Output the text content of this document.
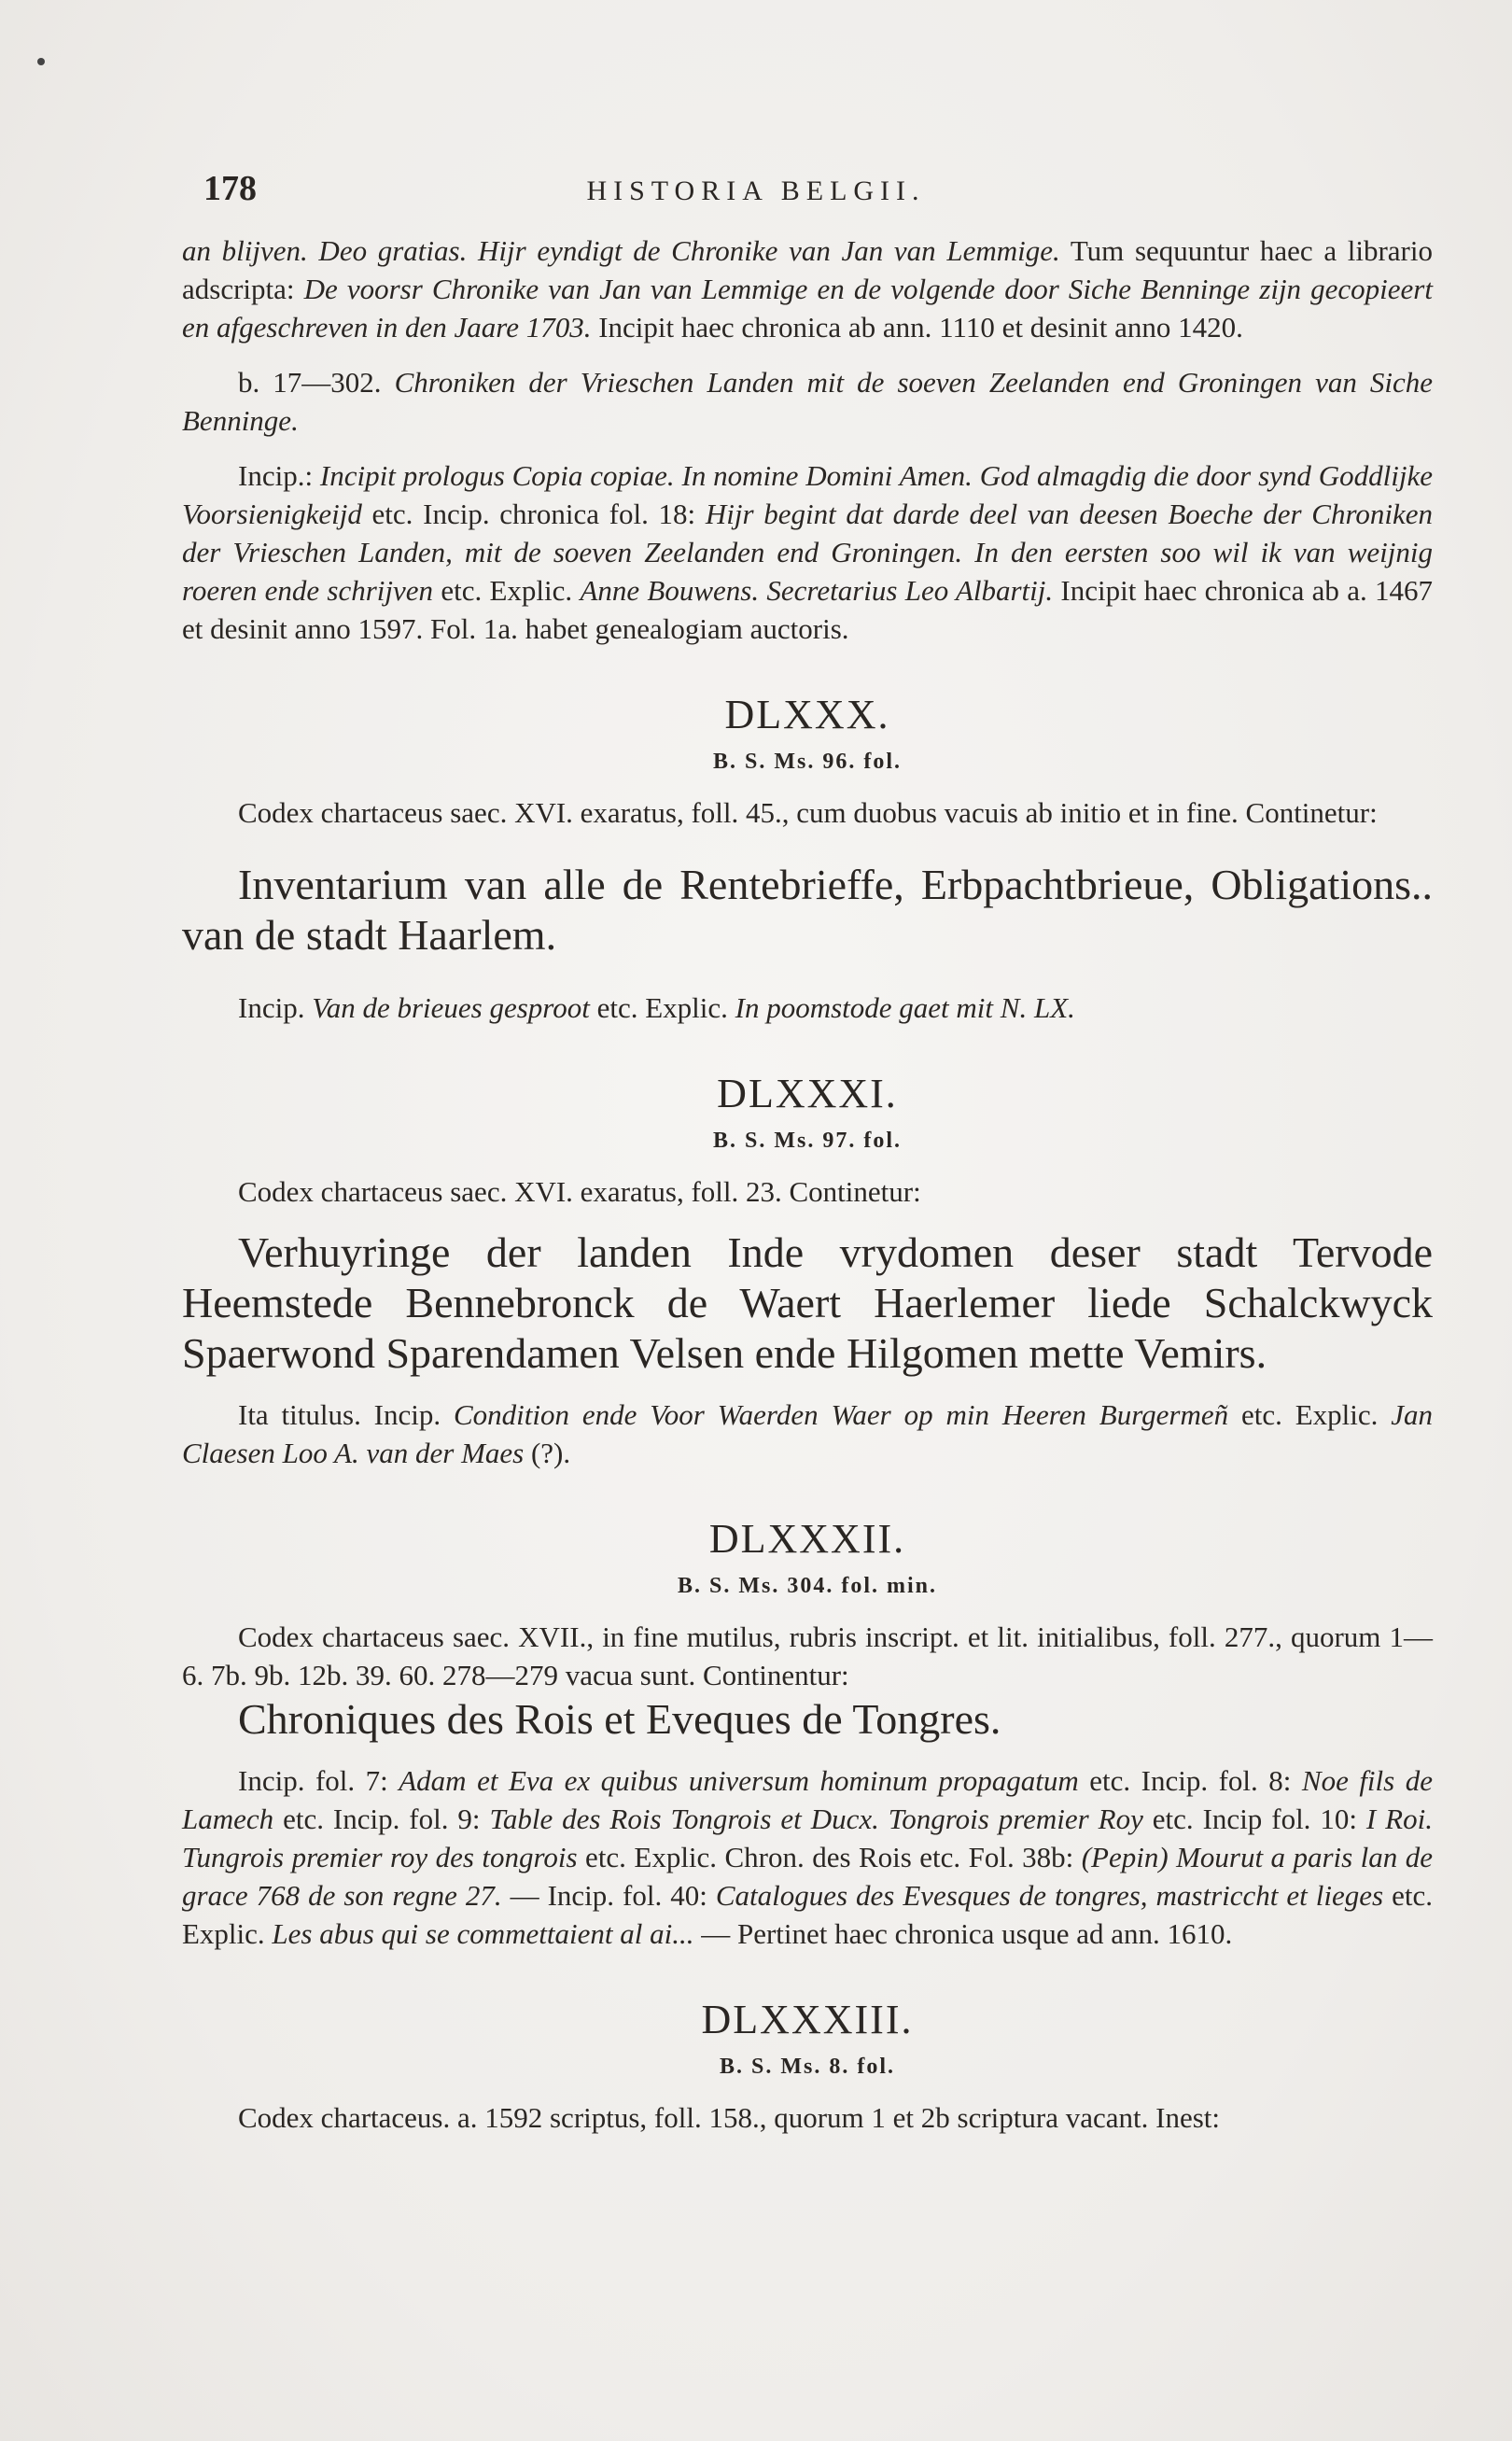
178	HISTORIA BELGII.

an blijven. Deo gratias. Hijr eyndigt de Chronike van Jan van Lemmige. Tum sequuntur haec a librario adscripta: De voorsr Chronike van Jan van Lemmige en de volgende door Siche Benninge zijn gecopieert en afgeschreven in den Jaare 1703. Incipit haec chronica ab ann. 1110 et desinit anno 1420.

b. 17—302. Chroniken der Vrieschen Landen mit de soeven Zeelanden end Groningen van Siche Benninge.

Incip.: Incipit prologus Copia copiae. In nomine Domini Amen. God almagdig die door synd Goddlijke Voorsienigkeijd etc. Incip. chronica fol. 18: Hijr begint dat darde deel van deesen Boeche der Chroniken der Vrieschen Landen, mit de soeven Zeelanden end Groningen. In den eersten soo wil ik van weijnig roeren ende schrijven etc. Explic. Anne Bouwens. Secretarius Leo Albartij. Incipit haec chronica ab a. 1467 et desinit anno 1597. Fol. 1a. habet genealogiam auctoris.

DLXXX.
B. S. Ms. 96. fol.

Codex chartaceus saec. XVI. exaratus, foll. 45., cum duobus vacuis ab initio et in fine. Continetur:

Inventarium van alle de Rentebrieffe, Erbpachtbrieue, Obligations.. van de stadt Haarlem.

Incip. Van de brieues gesproot etc. Explic. In poomstode gaet mit N. LX.

DLXXXI.
B. S. Ms. 97. fol.

Codex chartaceus saec. XVI. exaratus, foll. 23. Continetur:

Verhuyringe der landen Inde vrydomen deser stadt Tervode Heemstede Bennebronck de Waert Haerlemer liede Schalckwyck Spaerwond Sparendamen Velsen ende Hilgomen mette Vemirs.

Ita titulus. Incip. Condition ende Voor Waerden Waer op min Heeren Burgermeñ etc. Explic. Jan Claesen Loo A. van der Maes (?).

DLXXXII.
B. S. Ms. 304. fol. min.

Codex chartaceus saec. XVII., in fine mutilus, rubris inscript. et lit. initialibus, foll. 277., quorum 1—6. 7b. 9b. 12b. 39. 60. 278—279 vacua sunt. Continentur:

Chroniques des Rois et Eveques de Tongres.

Incip. fol. 7: Adam et Eva ex quibus universum hominum propagatum etc. Incip. fol. 8: Noe fils de Lamech etc. Incip. fol. 9: Table des Rois Tongrois et Ducx. Tongrois premier Roy etc. Incip fol. 10: I Roi. Tungrois premier roy des tongrois etc. Explic. Chron. des Rois etc. Fol. 38b: (Pepin) Mourut a paris lan de grace 768 de son regne 27. — Incip. fol. 40: Catalogues des Evesques de tongres, mastriccht et lieges etc. Explic. Les abus qui se commettaient al ai... — Pertinet haec chronica usque ad ann. 1610.

DLXXXIII.
B. S. Ms. 8. fol.

Codex chartaceus. a. 1592 scriptus, foll. 158., quorum 1 et 2b scriptura vacant. Inest:
